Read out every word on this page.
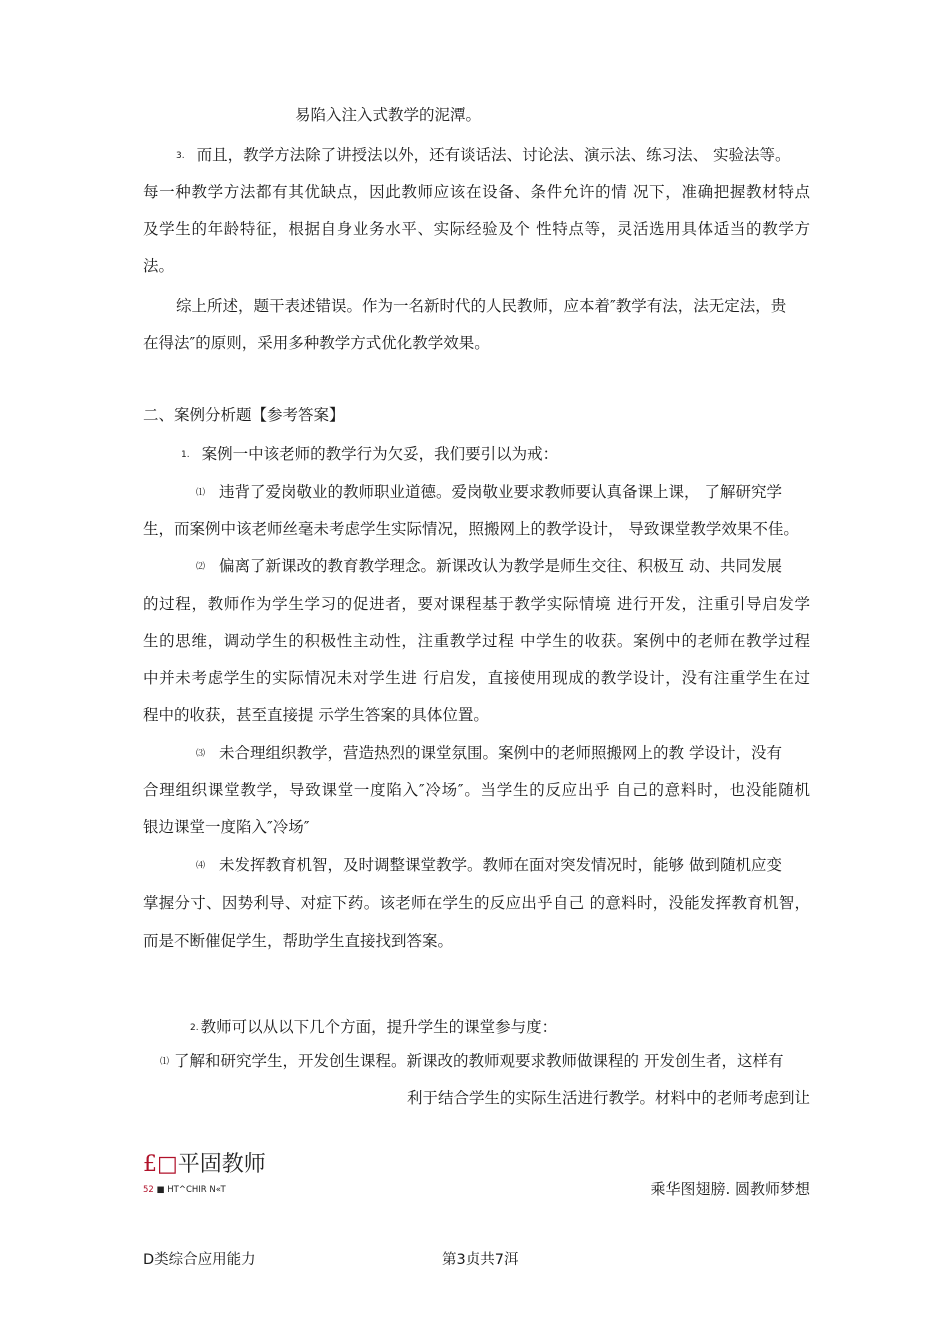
易陷入注入式教学的泥潭。
3. 而且，教学方法除了讲授法以外，还有谈话法、讨论法、演示法、练习法、 实验法等。
每一种教学方法都有其优缺点，因此教师应该在设备、条件允许的情 况下，准确把握教材特点
及学生的年龄特征，根据自身业务水平、实际经验及个 性特点等，灵活选用具体适当的教学方
法。
综上所述，题干表述错误。作为一名新时代的人民教师，应本着″教学有法，法无定法，贵
在得法″的原则，采用多种教学方式优化教学效果。
二、案例分析题【参考答案】
1. 案例一中该老师的教学行为欠妥，我们要引以为戒：
⑴ 违背了爱岗敬业的教师职业道德。爱岗敬业要求教师要认真备课上课， 了解研究学
生，而案例中该老师丝毫未考虑学生实际情况，照搬网上的教学设计， 导致课堂教学效果不佳。
⑵ 偏离了新课改的教育教学理念。新课改认为教学是师生交往、积极互 动、共同发展
的过程，教师作为学生学习的促进者，要对课程基于教学实际情境 进行开发，注重引导启发学
生的思维，调动学生的积极性主动性，注重教学过程 中学生的收获。案例中的老师在教学过程
中并未考虑学生的实际情况未对学生进 行启发，直接使用现成的教学设计，没有注重学生在过
程中的收获，甚至直接提 示学生答案的具体位置。
⑶ 未合理组织教学，营造热烈的课堂氛围。案例中的老师照搬网上的教 学设计，没有
合理组织课堂教学，导致课堂一度陷入″冷场″。当学生的反应出乎 自己的意料时，也没能随机
银边课堂一度陷入″冷场″
⑷ 未发挥教育机智，及时调整课堂教学。教师在面对突发情况时，能够 做到随机应变
掌握分寸、因势利导、对症下药。该老师在学生的反应出乎自己 的意料时，没能发挥教育机智，
而是不断催促学生，帮助学生直接找到答案。
2. 教师可以从以下几个方面，提升学生的课堂参与度：
⑴ 了解和研究学生，开发创生课程。新课改的教师观要求教师做课程的 开发创生者，这样有
利于结合学生的实际生活进行教学。材料中的老师考虑到让
£□平固教师
52 ■ HT^CHIR N«T	乘华图翅膀. 圆教师梦想
D类综合应用能力	第3贞共7洱
